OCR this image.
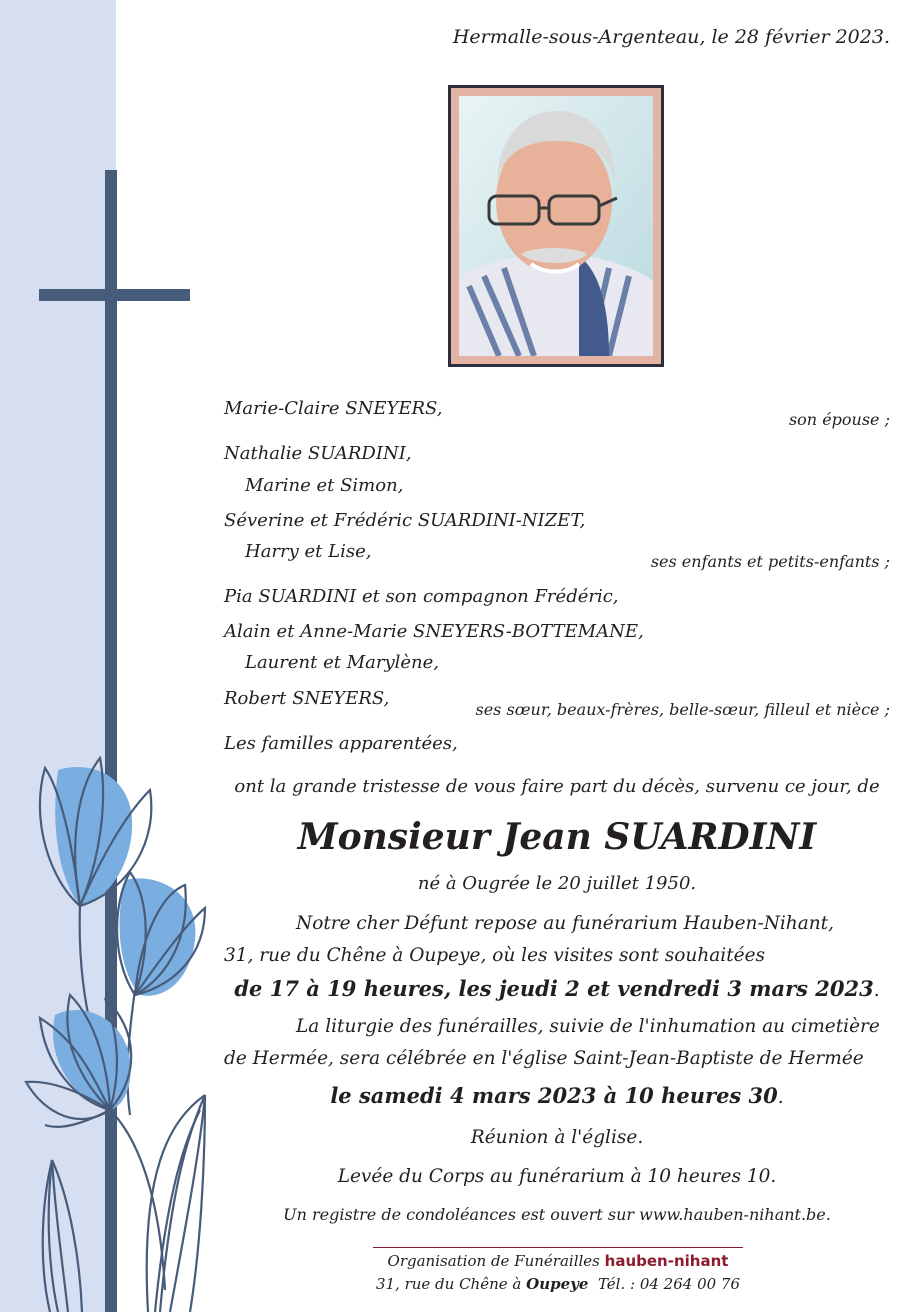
Hermalle-sous-Argenteau, le 28 février 2023.
Marie-Claire SNEYERS,
son épouse ;
Nathalie SUARDINI,
Marine et Simon,
Séverine et Frédéric SUARDINI-NIZET,
Harry et Lise,	ses enfants et petits-enfants ;
Pia SUARDINI et son compagnon Frédéric,
Alain et Anne-Marie SNEYERS-BOTTEMANE,
Laurent et Marylène,
Robert SNEYERS,
ses sœur, beaux-frères, belle-sœur, filleul et nièce ;
Les familles apparentées,
ont la grande tristesse de vous faire part du décès, survenu ce jour, de
Monsieur Jean SUARDINI
né à Ougrée le 20 juillet 1950.
Notre cher Défunt repose au funérarium Hauben-Nihant,
31, rue du Chêne à Oupeye, où les visites sont souhaitées
de 17 à 19 heures, les jeudi 2 et vendredi 3 mars 2023.
La liturgie des funérailles, suivie de l'inhumation au cimetière
de Hermée, sera célébrée en l'église Saint-Jean-Baptiste de Hermée
le samedi 4 mars 2023 à 10 heures 30.
Réunion à l'église.
Levée du Corps au funérarium à 10 heures 10.
Un registre de condoléances est ouvert sur www.hauben-nihant.be.
Organisation de Funérailles hauben-nihant
31, rue du Chêne à Oupeye Tél. : 04 264 00 76
